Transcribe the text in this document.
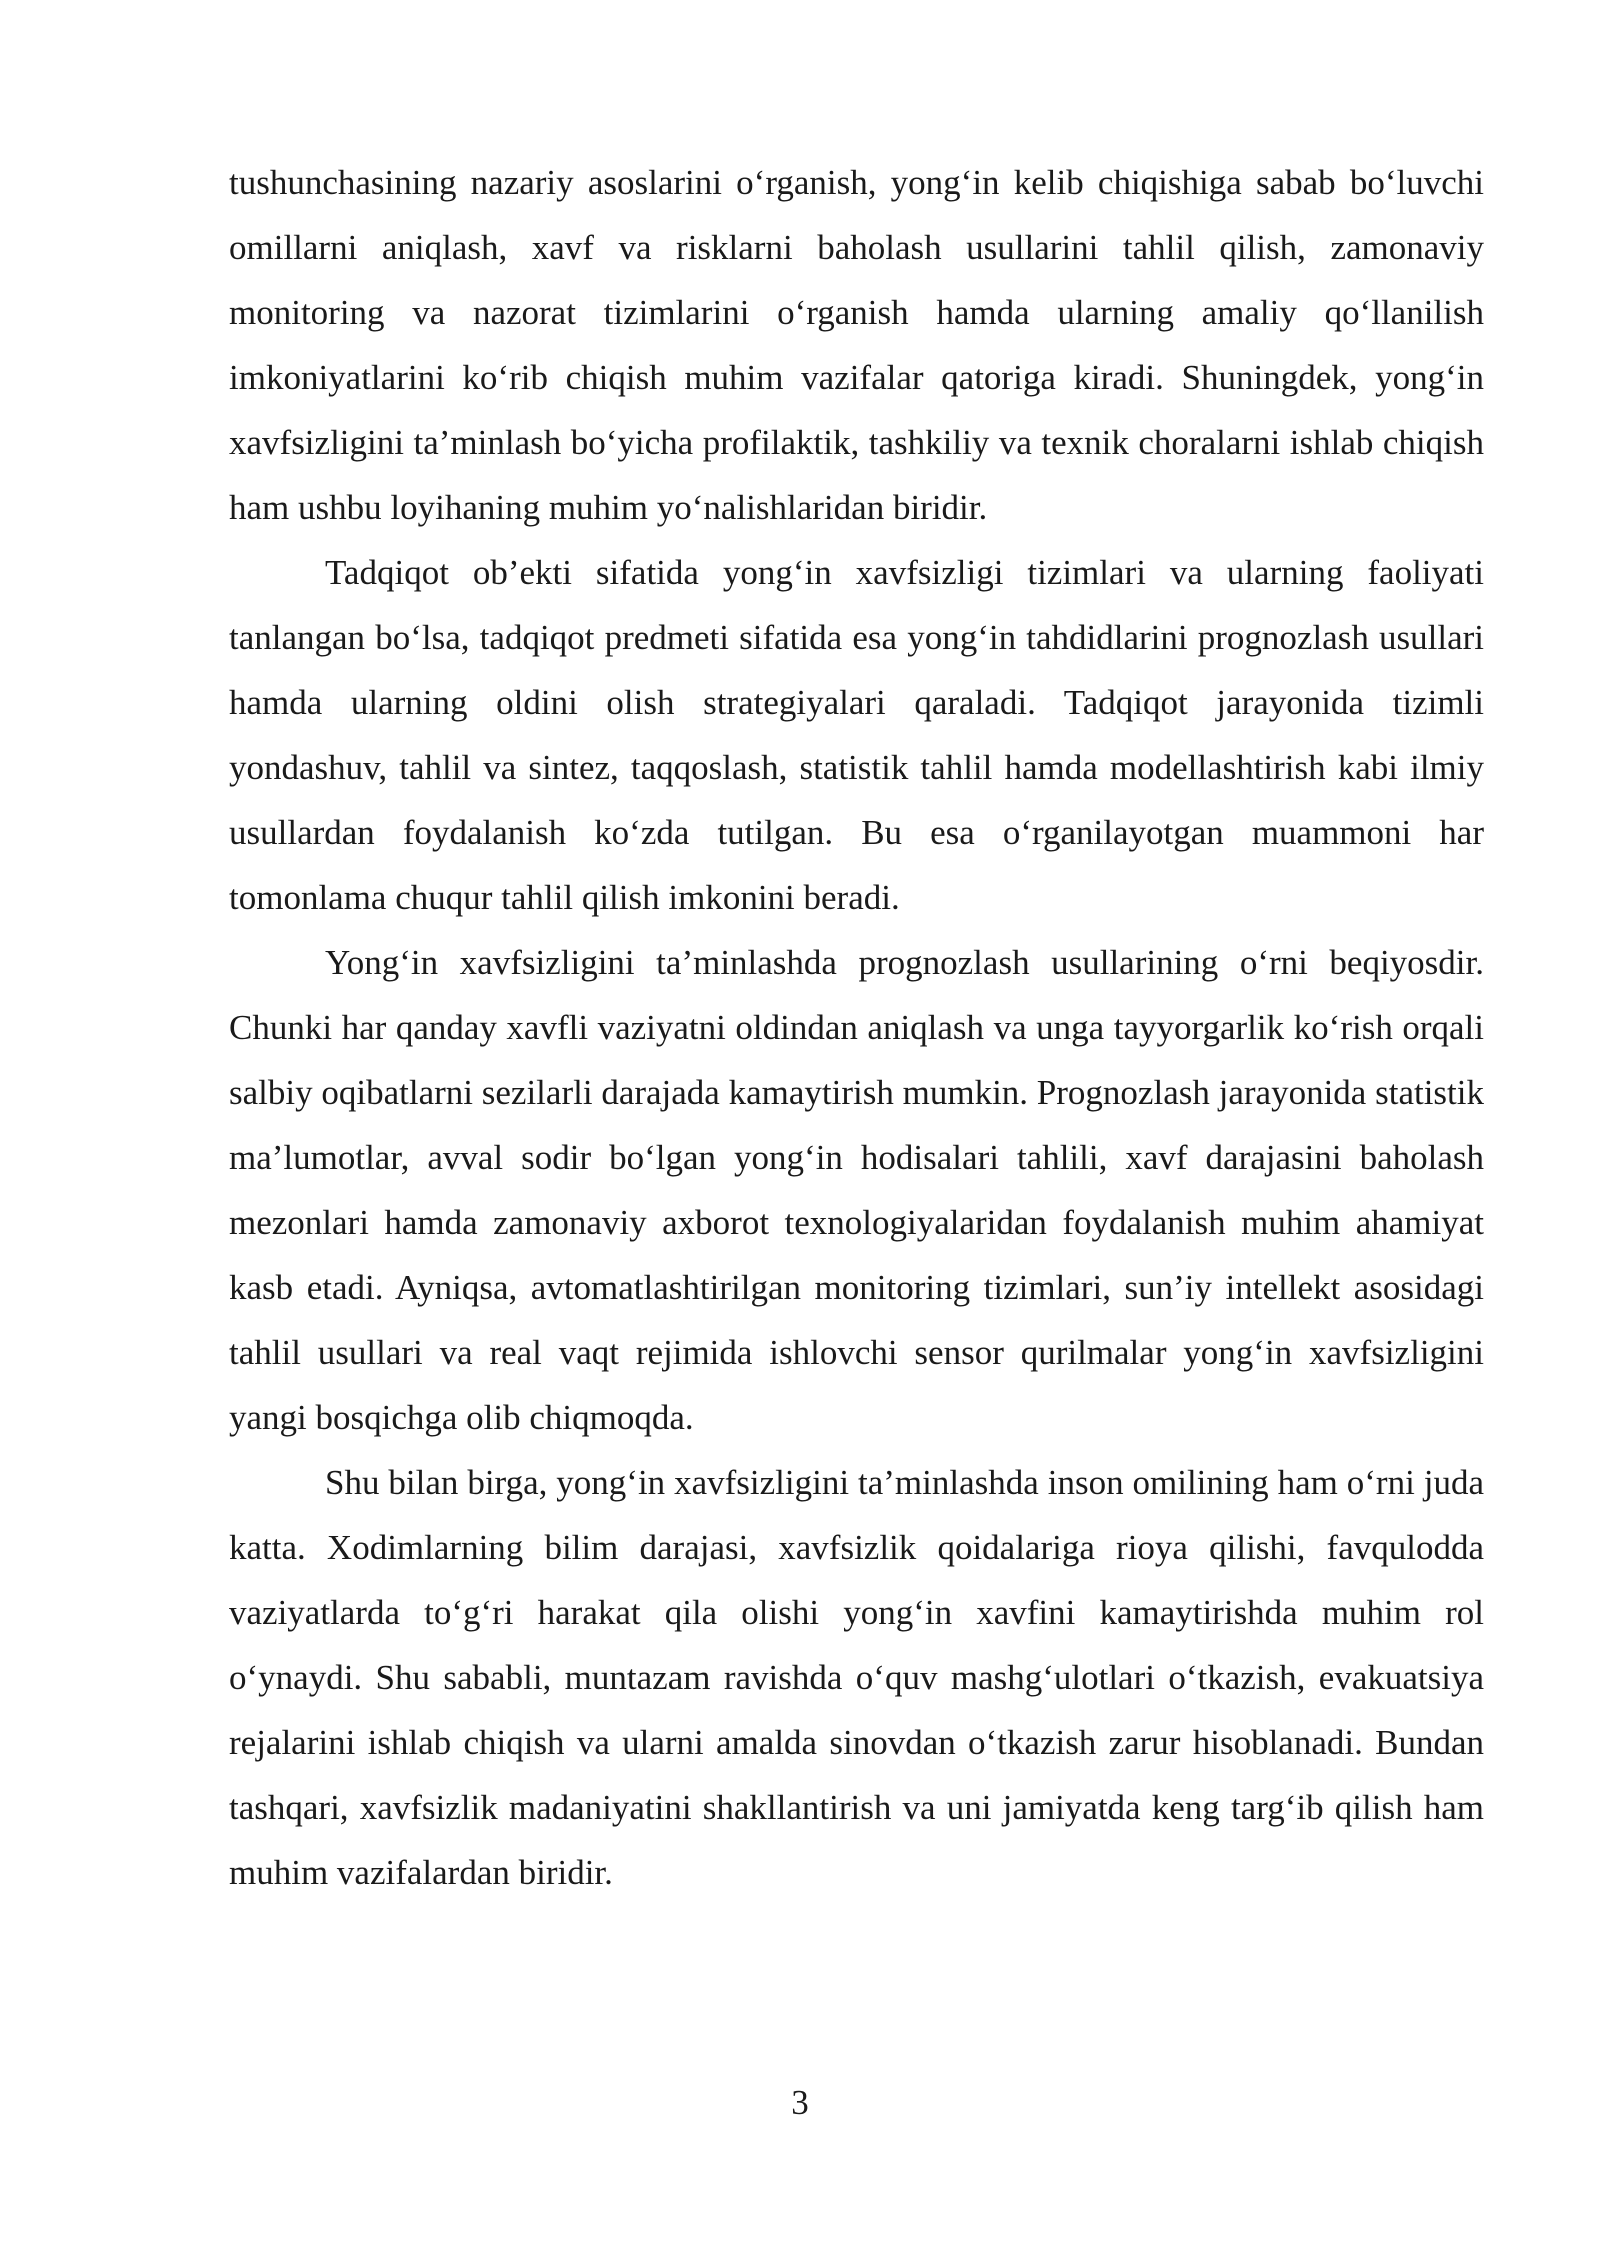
tushunchasining nazariy asoslarini o‘rganish, yong‘in kelib chiqishiga sabab bo‘luvchi omillarni aniqlash, xavf va risklarni baholash usullarini tahlil qilish, zamonaviy monitoring va nazorat tizimlarini o‘rganish hamda ularning amaliy qo‘llanilish imkoniyatlarini ko‘rib chiqish muhim vazifalar qatoriga kiradi. Shuningdek, yong‘in xavfsizligini ta’minlash bo‘yicha profilaktik, tashkiliy va texnik choralarni ishlab chiqish ham ushbu loyihaning muhim yo‘nalishlaridan biridir.

Tadqiqot ob’ekti sifatida yong‘in xavfsizligi tizimlari va ularning faoliyati tanlangan bo‘lsa, tadqiqot predmeti sifatida esa yong‘in tahdidlarini prognozlash usullari hamda ularning oldini olish strategiyalari qaraladi. Tadqiqot jarayonida tizimli yondashuv, tahlil va sintez, taqqoslash, statistik tahlil hamda modellashtirish kabi ilmiy usullardan foydalanish ko‘zda tutilgan. Bu esa o‘rganilayotgan muammoni har tomonlama chuqur tahlil qilish imkonini beradi.

Yong‘in xavfsizligini ta’minlashda prognozlash usullarining o‘rni beqiyosdir. Chunki har qanday xavfli vaziyatni oldindan aniqlash va unga tayyorgarlik ko‘rish orqali salbiy oqibatlarni sezilarli darajada kamaytirish mumkin. Prognozlash jarayonida statistik ma’lumotlar, avval sodir bo‘lgan yong‘in hodisalari tahlili, xavf darajasini baholash mezonlari hamda zamonaviy axborot texnologiyalaridan foydalanish muhim ahamiyat kasb etadi. Ayniqsa, avtomatlashtirilgan monitoring tizimlari, sun’iy intellekt asosidagi tahlil usullari va real vaqt rejimida ishlovchi sensor qurilmalar yong‘in xavfsizligini yangi bosqichga olib chiqmoqda.

Shu bilan birga, yong‘in xavfsizligini ta’minlashda inson omilining ham o‘rni juda katta. Xodimlarning bilim darajasi, xavfsizlik qoidalariga rioya qilishi, favqulodda vaziyatlarda to‘g‘ri harakat qila olishi yong‘in xavfini kamaytirishda muhim rol o‘ynaydi. Shu sababli, muntazam ravishda o‘quv mashg‘ulotlari o‘tkazish, evakuatsiya rejalarini ishlab chiqish va ularni amalda sinovdan o‘tkazish zarur hisoblanadi. Bundan tashqari, xavfsizlik madaniyatini shakllantirish va uni jamiyatda keng targ‘ib qilish ham muhim vazifalardan biridir.

3
